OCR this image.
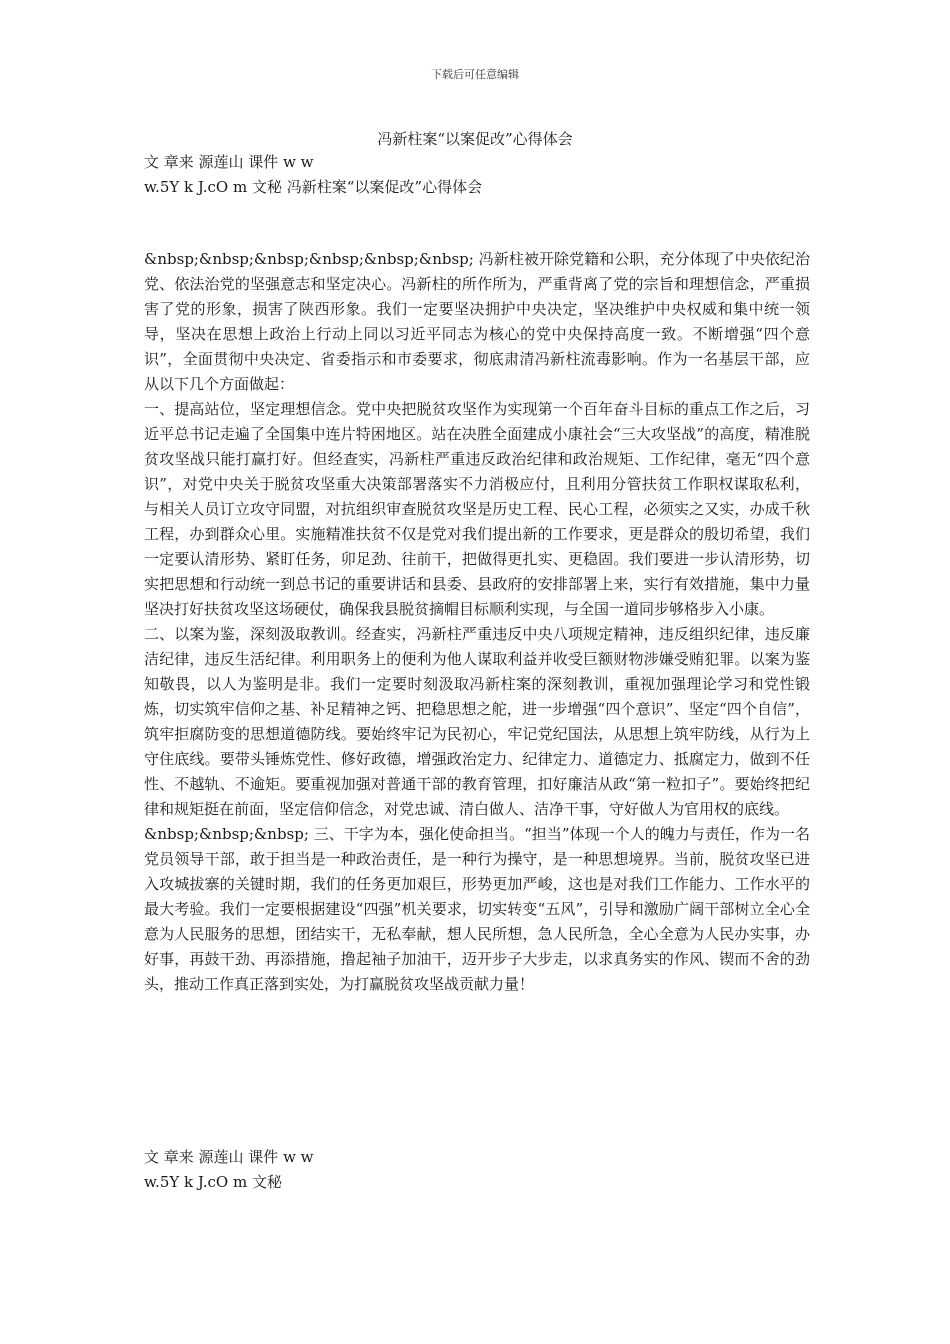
下载后可任意编辑
冯新柱案“以案促改”心得体会
文 章来 源莲山 课件 w w
w.5Y k J.cO m 文秘 冯新柱案“以案促改”心得体会

&nbsp;&nbsp;&nbsp;&nbsp;&nbsp;&nbsp; 冯新柱被开除党籍和公职，充分体现了中央依纪治党、依法治党的坚强意志和坚定决心。冯新柱的所作所为，严重背离了党的宗旨和理想信念，严重损害了党的形象，损害了陕西形象。我们一定要坚决拥护中央决定，坚决维护中央权威和集中统一领导，坚决在思想上政治上行动上同以习近平同志为核心的党中央保持高度一致。不断增强“四个意识”，全面贯彻中央决定、省委指示和市委要求，彻底肃清冯新柱流毒影响。作为一名基层干部，应从以下几个方面做起：

一、提高站位，坚定理想信念。党中央把脱贫攻坚作为实现第一个百年奋斗目标的重点工作之后，习近平总书记走遍了全国集中连片特困地区。站在决胜全面建成小康社会“三大攻坚战”的高度，精准脱贫攻坚战只能打赢打好。但经查实，冯新柱严重违反政治纪律和政治规矩、工作纪律，毫无“四个意识”，对党中央关于脱贫攻坚重大决策部署落实不力消极应付，且利用分管扶贫工作职权谋取私利，与相关人员订立攻守同盟，对抗组织审查脱贫攻坚是历史工程、民心工程，必须实之又实，办成千秋工程，办到群众心里。实施精准扶贫不仅是党对我们提出新的工作要求，更是群众的殷切希望，我们一定要认清形势、紧盯任务，卯足劲、往前干，把做得更扎实、更稳固。我们要进一步认清形势，切实把思想和行动统一到总书记的重要讲话和县委、县政府的安排部署上来，实行有效措施，集中力量坚决打好扶贫攻坚这场硬仗，确保我县脱贫摘帽目标顺利实现，与全国一道同步够格步入小康。

二、以案为鉴，深刻汲取教训。经查实，冯新柱严重违反中央八项规定精神，违反组织纪律，违反廉洁纪律，违反生活纪律。利用职务上的便利为他人谋取利益并收受巨额财物涉嫌受贿犯罪。以案为鉴知敬畏，以人为鉴明是非。我们一定要时刻汲取冯新柱案的深刻教训，重视加强理论学习和党性锻炼，切实筑牢信仰之基、补足精神之钙、把稳思想之舵，进一步增强“四个意识”、坚定“四个自信”，筑牢拒腐防变的思想道德防线。要始终牢记为民初心，牢记党纪国法，从思想上筑牢防线，从行为上守住底线。要带头锤炼党性、修好政德，增强政治定力、纪律定力、道德定力、抵腐定力，做到不任性、不越轨、不逾矩。要重视加强对普通干部的教育管理，扣好廉洁从政“第一粒扣子”。要始终把纪律和规矩挺在前面，坚定信仰信念，对党忠诚、清白做人、洁净干事，守好做人为官用权的底线。

&nbsp;&nbsp;&nbsp; 三、干字为本，强化使命担当。“担当”体现一个人的魄力与责任，作为一名党员领导干部，敢于担当是一种政治责任，是一种行为操守，是一种思想境界。当前，脱贫攻坚已进入攻城拔寨的关键时期，我们的任务更加艰巨，形势更加严峻，这也是对我们工作能力、工作水平的最大考验。我们一定要根据建设“四强”机关要求，切实转变“五风”，引导和激励广阔干部树立全心全意为人民服务的思想，团结实干，无私奉献，想人民所想，急人民所急，全心全意为人民办实事，办好事，再鼓干劲、再添措施，撸起袖子加油干，迈开步子大步走，以求真务实的作风、锲而不舍的劲头，推动工作真正落到实处，为打赢脱贫攻坚战贡献力量！

文 章来 源莲山 课件 w w
w.5Y k J.cO m 文秘
